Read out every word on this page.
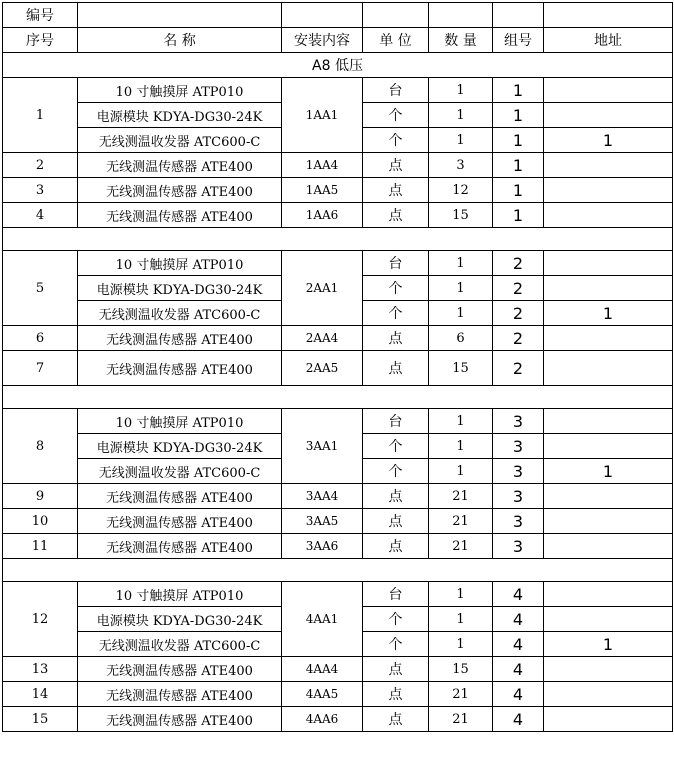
编号						
序号	名 称	安装内容	单 位	数 量	组号	地址
A8 低压						
1	10 寸触摸屏 ATP010	1AA1	台	1	1	
	电源模块 KDYA-DG30-24K		个	1	1	
	无线测温收发器 ATC600-C		个	1	1	1
2	无线测温传感器 ATE400	1AA4	点	3	1	
3	无线测温传感器 ATE400	1AA5	点	12	1	
4	无线测温传感器 ATE400	1AA6	点	15	1	

5	10 寸触摸屏 ATP010	2AA1	台	1	2	
	电源模块 KDYA-DG30-24K		个	1	2	
	无线测温收发器 ATC600-C		个	1	2	1
6	无线测温传感器 ATE400	2AA4	点	6	2	
7	无线测温传感器 ATE400	2AA5	点	15	2	

8	10 寸触摸屏 ATP010	3AA1	台	1	3	
	电源模块 KDYA-DG30-24K		个	1	3	
	无线测温收发器 ATC600-C		个	1	3	1
9	无线测温传感器 ATE400	3AA4	点	21	3	
10	无线测温传感器 ATE400	3AA5	点	21	3	
11	无线测温传感器 ATE400	3AA6	点	21	3	

12	10 寸触摸屏 ATP010	4AA1	台	1	4	
	电源模块 KDYA-DG30-24K		个	1	4	
	无线测温收发器 ATC600-C		个	1	4	1
13	无线测温传感器 ATE400	4AA4	点	15	4	
14	无线测温传感器 ATE400	4AA5	点	21	4	
15	无线测温传感器 ATE400	4AA6	点	21	4	
